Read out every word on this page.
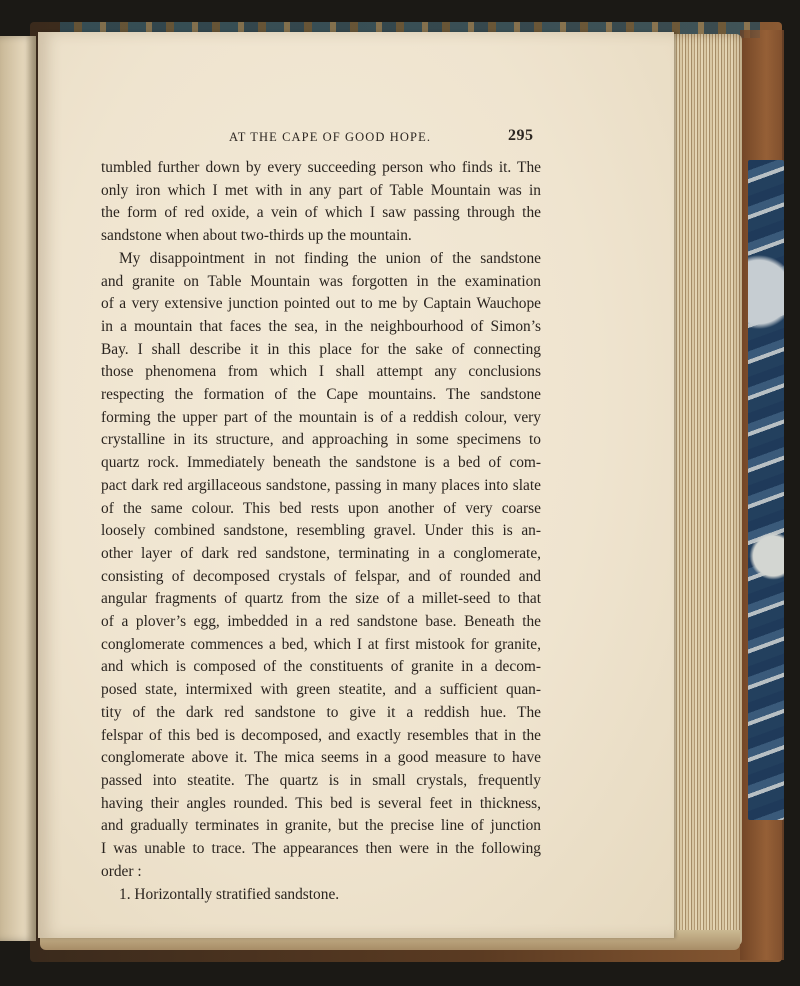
AT THE CAPE OF GOOD HOPE.	295

tumbled further down by every succeeding person who finds it. The

only iron which I met with in any part of Table Mountain was in

the form of red oxide, a vein of which I saw passing through the

sandstone when about two-thirds up the mountain.

My disappointment in not finding the union of the sandstone

and granite on Table Mountain was forgotten in the examination

of a very extensive junction pointed out to me by Captain Wauchope

in a mountain that faces the sea, in the neighbourhood of Simon’s

Bay. I shall describe it in this place for the sake of connecting

those phenomena from which I shall attempt any conclusions

respecting the formation of the Cape mountains. The sandstone

forming the upper part of the mountain is of a reddish colour, very

crystalline in its structure, and approaching in some specimens to

quartz rock. Immediately beneath the sandstone is a bed of com-

pact dark red argillaceous sandstone, passing in many places into slate

of the same colour. This bed rests upon another of very coarse

loosely combined sandstone, resembling gravel. Under this is an-

other layer of dark red sandstone, terminating in a conglomerate,

consisting of decomposed crystals of felspar, and of rounded and

angular fragments of quartz from the size of a millet-seed to that

of a plover’s egg, imbedded in a red sandstone base. Beneath the

conglomerate commences a bed, which I at first mistook for granite,

and which is composed of the constituents of granite in a decom-

posed state, intermixed with green steatite, and a sufficient quan-

tity of the dark red sandstone to give it a reddish hue. The

felspar of this bed is decomposed, and exactly resembles that in the

conglomerate above it. The mica seems in a good measure to have

passed into steatite. The quartz is in small crystals, frequently

having their angles rounded. This bed is several feet in thickness,

and gradually terminates in granite, but the precise line of junction

I was unable to trace. The appearances then were in the following

order :

1. Horizontally stratified sandstone.
